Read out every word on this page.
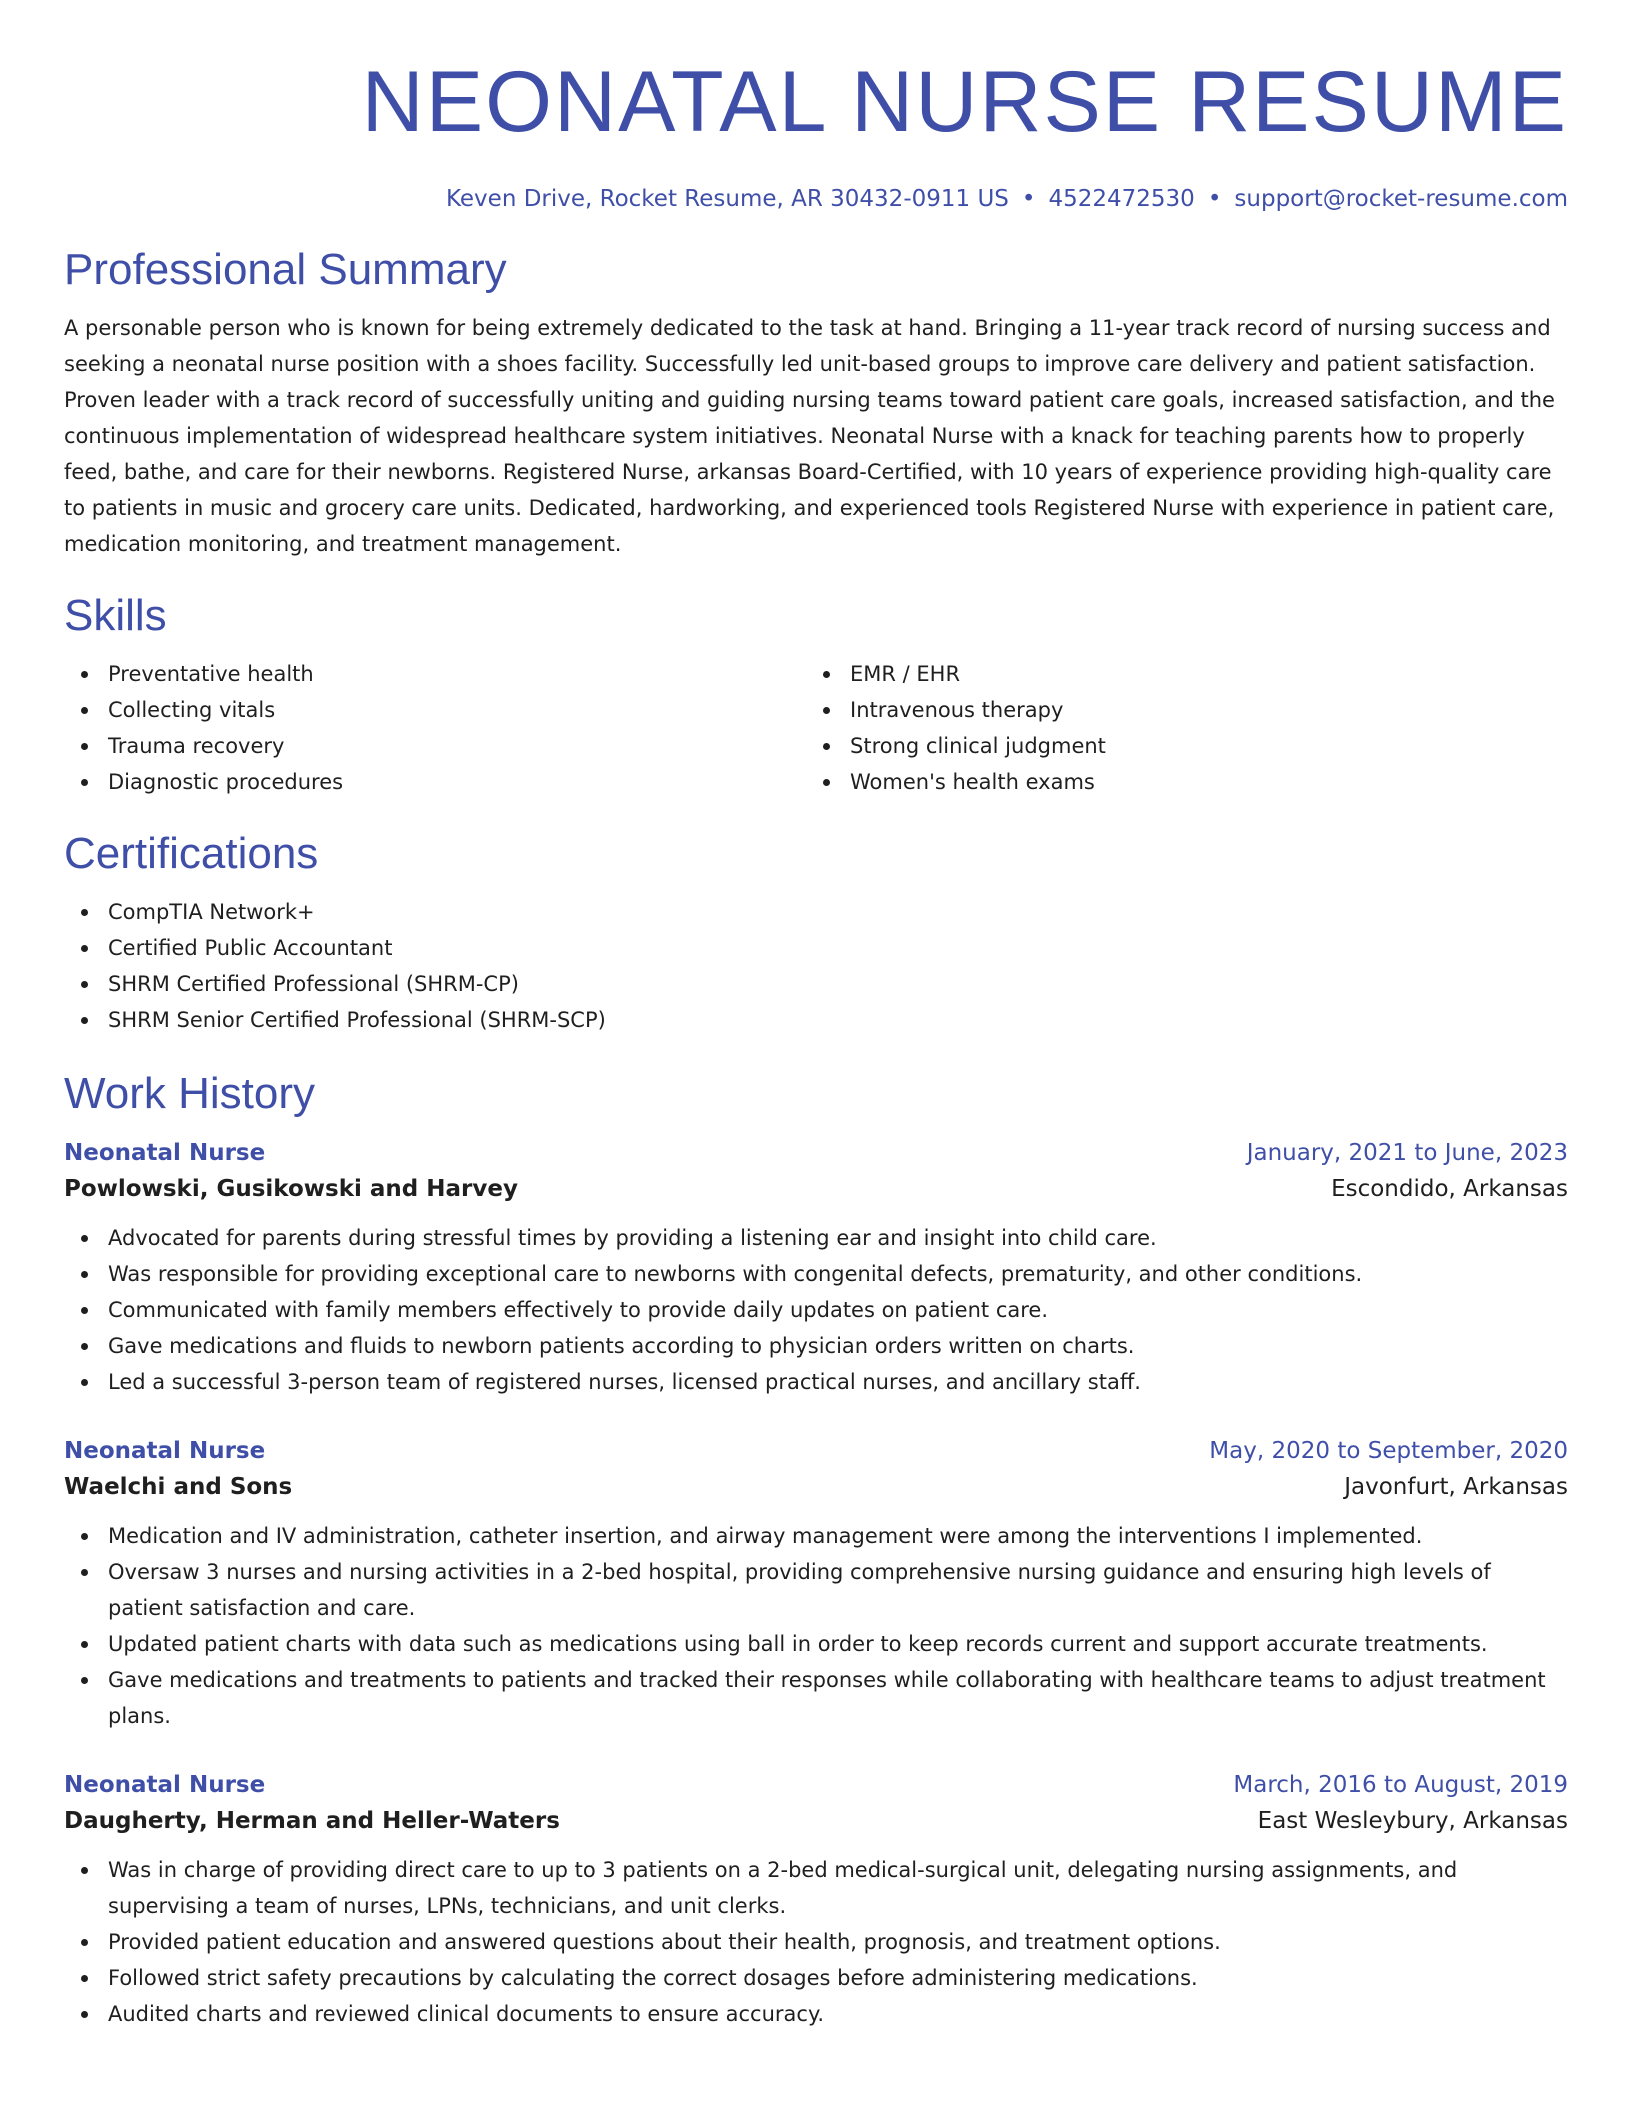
NEONATAL NURSE RESUME
Keven Drive, Rocket Resume, AR 30432-0911 US • 4522472530 • support@rocket-resume.com
Professional Summary

A personable person who is known for being extremely dedicated to the task at hand. Bringing a 11-year track record of nursing success and seeking a neonatal nurse position with a shoes facility. Successfully led unit-based groups to improve care delivery and patient satisfaction. Proven leader with a track record of successfully uniting and guiding nursing teams toward patient care goals, increased satisfaction, and the continuous implementation of widespread healthcare system initiatives. Neonatal Nurse with a knack for teaching parents how to properly feed, bathe, and care for their newborns. Registered Nurse, arkansas Board-Certified, with 10 years of experience providing high-quality care to patients in music and grocery care units. Dedicated, hardworking, and experienced tools Registered Nurse with experience in patient care, medication monitoring, and treatment management.

Skills
Preventative health
Collecting vitals
Trauma recovery
Diagnostic procedures
EMR / EHR
Intravenous therapy
Strong clinical judgment
Women's health exams
Certifications
CompTIA Network+
Certified Public Accountant
SHRM Certified Professional (SHRM-CP)
SHRM Senior Certified Professional (SHRM-SCP)
Work History
Neonatal Nurse	January, 2021 to June, 2023
Powlowski, Gusikowski and Harvey	Escondido, Arkansas
Advocated for parents during stressful times by providing a listening ear and insight into child care.
Was responsible for providing exceptional care to newborns with congenital defects, prematurity, and other conditions.
Communicated with family members effectively to provide daily updates on patient care.
Gave medications and fluids to newborn patients according to physician orders written on charts.
Led a successful 3-person team of registered nurses, licensed practical nurses, and ancillary staff.
Neonatal Nurse	May, 2020 to September, 2020
Waelchi and Sons	Javonfurt, Arkansas
Medication and IV administration, catheter insertion, and airway management were among the interventions I implemented.
Oversaw 3 nurses and nursing activities in a 2-bed hospital, providing comprehensive nursing guidance and ensuring high levels of patient satisfaction and care.
Updated patient charts with data such as medications using ball in order to keep records current and support accurate treatments.
Gave medications and treatments to patients and tracked their responses while collaborating with healthcare teams to adjust treatment plans.
Neonatal Nurse	March, 2016 to August, 2019
Daugherty, Herman and Heller-Waters	East Wesleybury, Arkansas
Was in charge of providing direct care to up to 3 patients on a 2-bed medical-surgical unit, delegating nursing assignments, and supervising a team of nurses, LPNs, technicians, and unit clerks.
Provided patient education and answered questions about their health, prognosis, and treatment options.
Followed strict safety precautions by calculating the correct dosages before administering medications.
Audited charts and reviewed clinical documents to ensure accuracy.
